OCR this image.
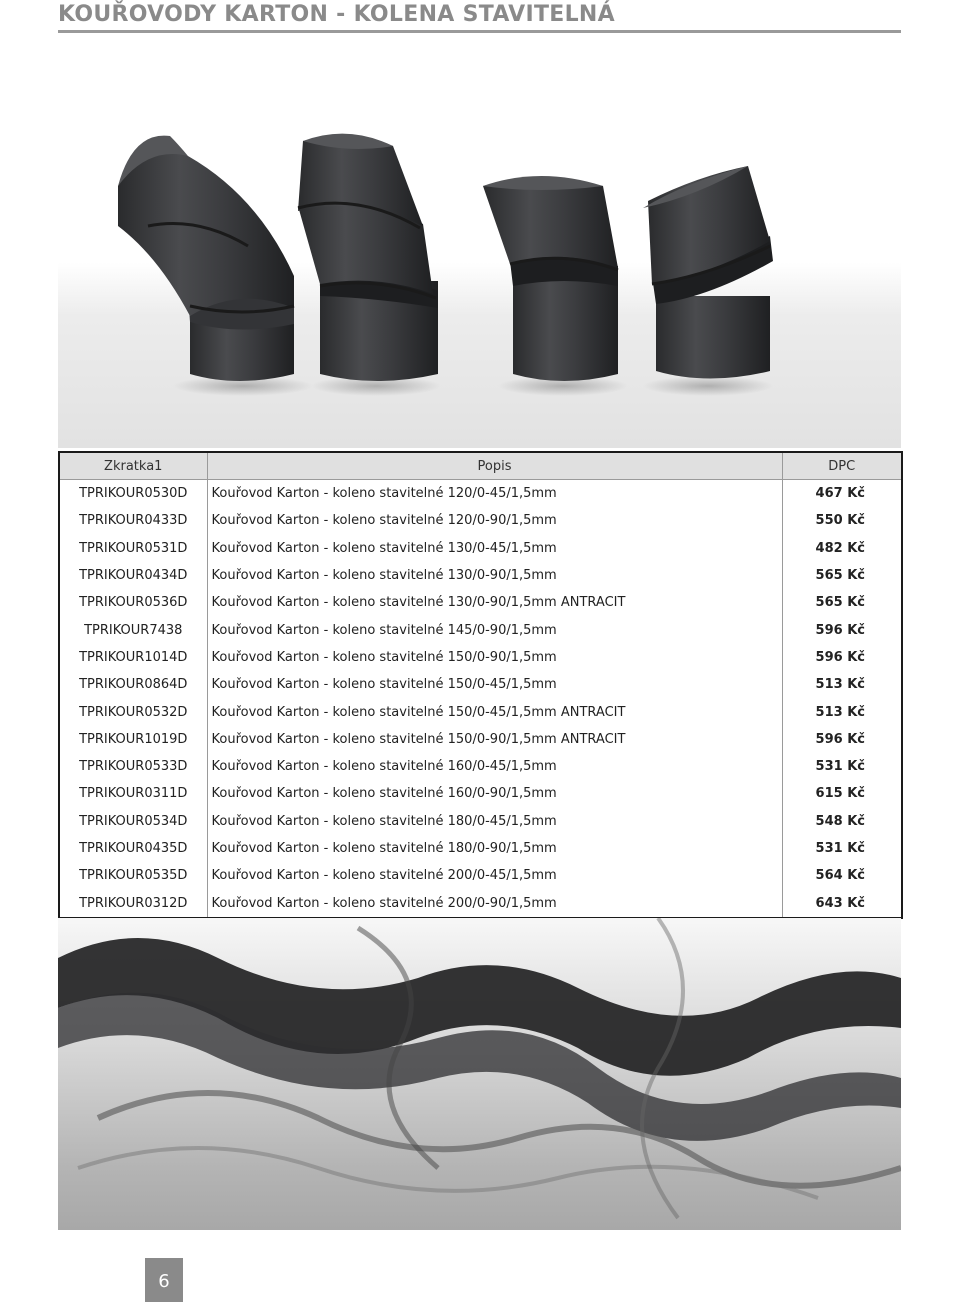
KOUŘOVODY KARTON - KOLENA STAVITELNÁ
Zkratka1	Popis	DPC
TPRIKOUR0530D	Kouřovod Karton - koleno stavitelné 120/0-45/1,5mm	467 Kč
TPRIKOUR0433D	Kouřovod Karton - koleno stavitelné 120/0-90/1,5mm	550 Kč
TPRIKOUR0531D	Kouřovod Karton - koleno stavitelné 130/0-45/1,5mm	482 Kč
TPRIKOUR0434D	Kouřovod Karton - koleno stavitelné 130/0-90/1,5mm	565 Kč
TPRIKOUR0536D	Kouřovod Karton - koleno stavitelné 130/0-90/1,5mm ANTRACIT	565 Kč
TPRIKOUR7438	Kouřovod Karton - koleno stavitelné 145/0-90/1,5mm	596 Kč
TPRIKOUR1014D	Kouřovod Karton - koleno stavitelné 150/0-90/1,5mm	596 Kč
TPRIKOUR0864D	Kouřovod Karton - koleno stavitelné 150/0-45/1,5mm	513 Kč
TPRIKOUR0532D	Kouřovod Karton - koleno stavitelné 150/0-45/1,5mm ANTRACIT	513 Kč
TPRIKOUR1019D	Kouřovod Karton - koleno stavitelné 150/0-90/1,5mm ANTRACIT	596 Kč
TPRIKOUR0533D	Kouřovod Karton - koleno stavitelné 160/0-45/1,5mm	531 Kč
TPRIKOUR0311D	Kouřovod Karton - koleno stavitelné 160/0-90/1,5mm	615 Kč
TPRIKOUR0534D	Kouřovod Karton - koleno stavitelné 180/0-45/1,5mm	548 Kč
TPRIKOUR0435D	Kouřovod Karton - koleno stavitelné 180/0-90/1,5mm	531 Kč
TPRIKOUR0535D	Kouřovod Karton - koleno stavitelné 200/0-45/1,5mm	564 Kč
TPRIKOUR0312D	Kouřovod Karton - koleno stavitelné 200/0-90/1,5mm	643 Kč
6
